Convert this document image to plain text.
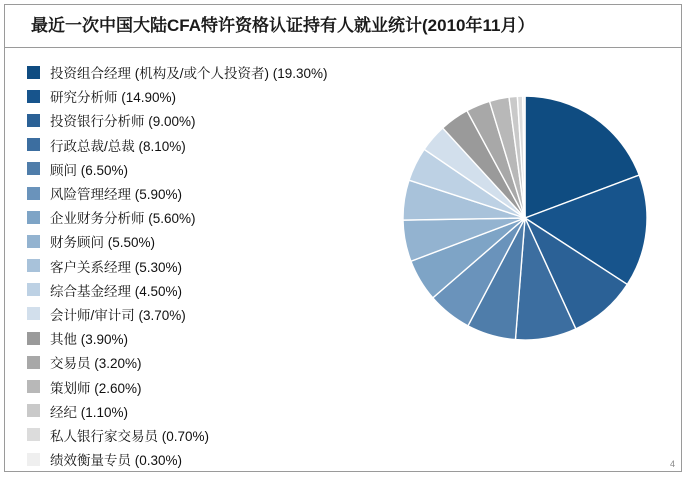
最近一次中国大陆CFA特许资格认证持有人就业统计(2010年11月）
投资组合经理 (机构及/或个人投资者) (19.30%)
研究分析师 (14.90%)
投资银行分析师 (9.00%)
行政总裁/总裁 (8.10%)
顾问 (6.50%)
风险管理经理 (5.90%)
企业财务分析师 (5.60%)
财务顾问 (5.50%)
客户关系经理 (5.30%)
综合基金经理 (4.50%)
会计师/审计司 (3.70%)
其他 (3.90%)
交易员 (3.20%)
策划师 (2.60%)
经纪 (1.10%)
私人银行家交易员 (0.70%)
绩效衡量专员 (0.30%)	4
